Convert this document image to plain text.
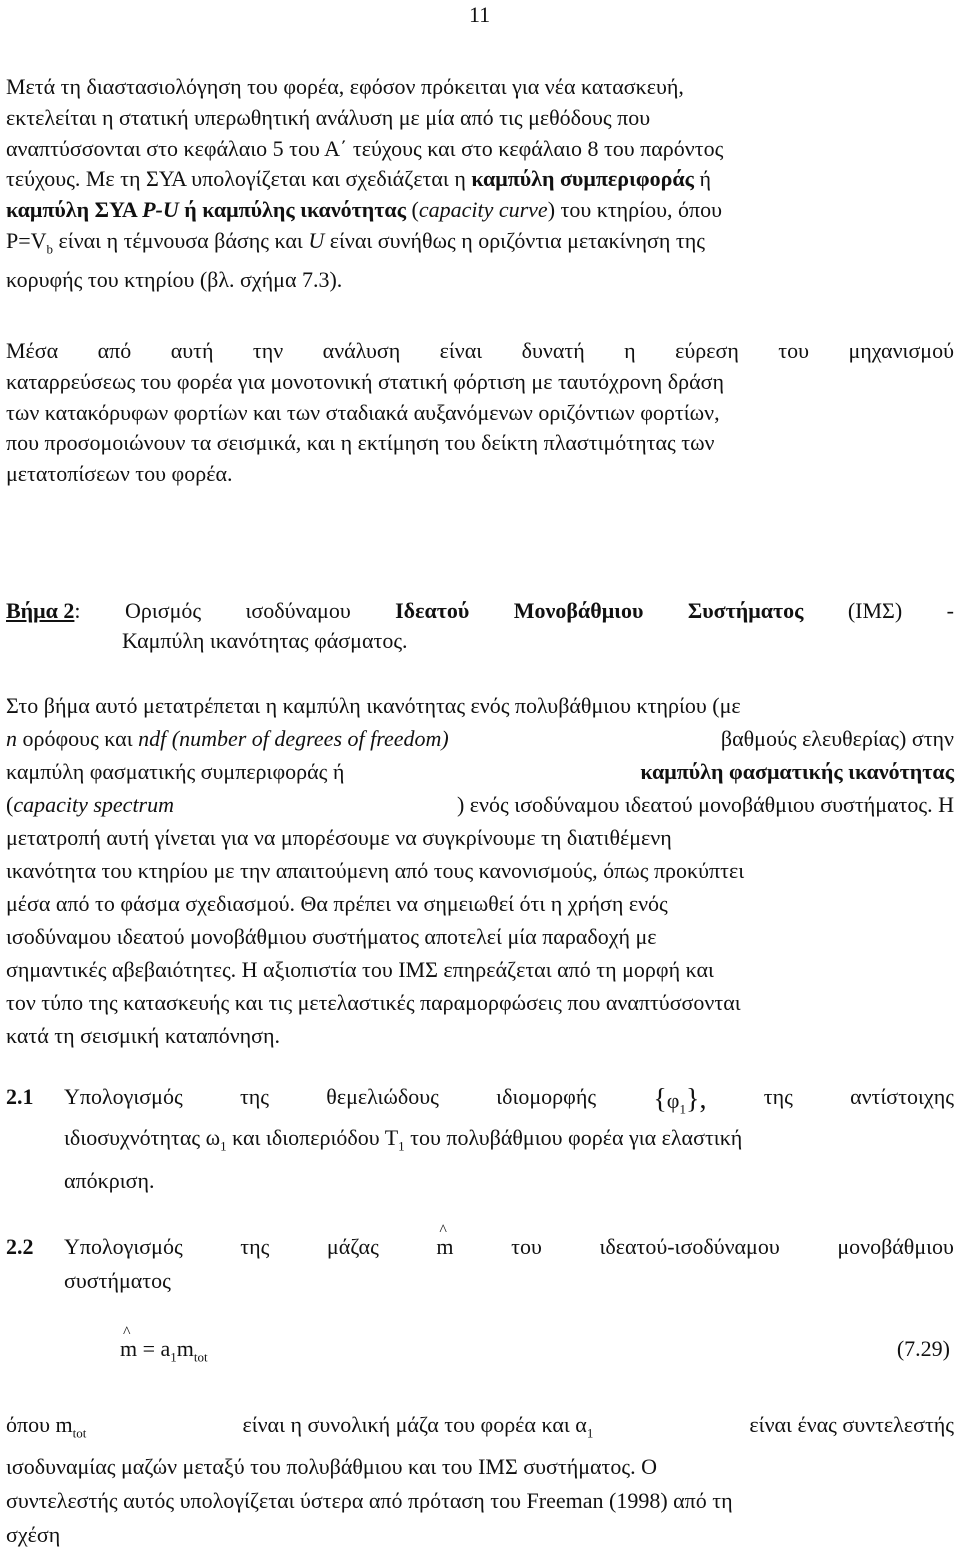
11
Μετά τη διαστασιολόγηση του φορέα, εφόσον πρόκειται για νέα κατασκευή,
εκτελείται η στατική υπερωθητική ανάλυση με μία από τις μεθόδους που
αναπτύσσονται στο κεφάλαιο 5 του Α΄ τεύχους και στο κεφάλαιο 8 του παρόντος
τεύχους. Με τη ΣΥΑ υπολογίζεται και σχεδιάζεται η καμπύλη συμπεριφοράς ή
καμπύλη ΣΥΑ P-U ή καμπύλης ικανότητας (capacity curve) του κτηρίου, όπου
$P=V_b$ είναι η τέμνουσα βάσης και U είναι συνήθως η οριζόντια μετακίνηση της
κορυφής του κτηρίου (βλ. σχήμα 7.3).
Μέσα από αυτή την ανάλυση είναι δυνατή η εύρεση του μηχανισμού
καταρρεύσεως του φορέα για μονοτονική στατική φόρτιση με ταυτόχρονη δράση
των κατακόρυφων φορτίων και των σταδιακά αυξανόμενων οριζόντιων φορτίων,
που προσομοιώνουν τα σεισμικά, και η εκτίμηση του δείκτη πλαστιμότητας των
μετατοπίσεων του φορέα.
Βήμα 2: Ορισμός ισοδύναμου Ιδεατού Μονοβάθμιου Συστήματος (ΙΜΣ) -
Καμπύλη ικανότητας φάσματος.
Στο βήμα αυτό μετατρέπεται η καμπύλη ικανότητας ενός πολυβάθμιου κτηρίου (με
n ορόφους και ndf (number of degrees of freedom)	βαθμούς ελευθερίας) στην
καμπύλη φασματικής συμπεριφοράς ή	καμπύλη φασματικής ικανότητας
(capacity spectrum	) ενός ισοδύναμου ιδεατού μονοβάθμιου συστήματος. Η
μετατροπή αυτή γίνεται για να μπορέσουμε να συγκρίνουμε τη διατιθέμενη
ικανότητα του κτηρίου με την απαιτούμενη από τους κανονισμούς, όπως προκύπτει
μέσα από το φάσμα σχεδιασμού. Θα πρέπει να σημειωθεί ότι η χρήση ενός
ισοδύναμου ιδεατού μονοβάθμιου συστήματος αποτελεί μία παραδοχή με
σημαντικές αβεβαιότητες. Η αξιοπιστία του ΙΜΣ επηρεάζεται από τη μορφή και
τον τύπο της κατασκευής και τις μετελαστικές παραμορφώσεις που αναπτύσσονται
κατά τη σεισμική καταπόνηση.
2.1	Υπολογισμός	της	θεμελιώδους	ιδιομορφής $\{\varphi_1\}$,	της	αντίστοιχης
ιδιοσυχνότητας $\omega_1$ και ιδιοπεριόδου $T_1$ του πολυβάθμιου φορέα για ελαστική
απόκριση.
2.2	Υπολογισμός	της	μάζας
^	m	του	ιδεατού-ισοδύναμου	μονοβάθμιου
συστήματος
^ $m = a_1m_{tot}$	(7.29)
όπου $m_{tot}$	είναι η συνολική μάζα του φορέα και $\alpha_1$	είναι ένας συντελεστής
ισοδυναμίας μαζών μεταξύ του πολυβάθμιου και του ΙΜΣ συστήματος. Ο
συντελεστής αυτός υπολογίζεται ύστερα από πρόταση του Freeman (1998) από τη
σχέση
